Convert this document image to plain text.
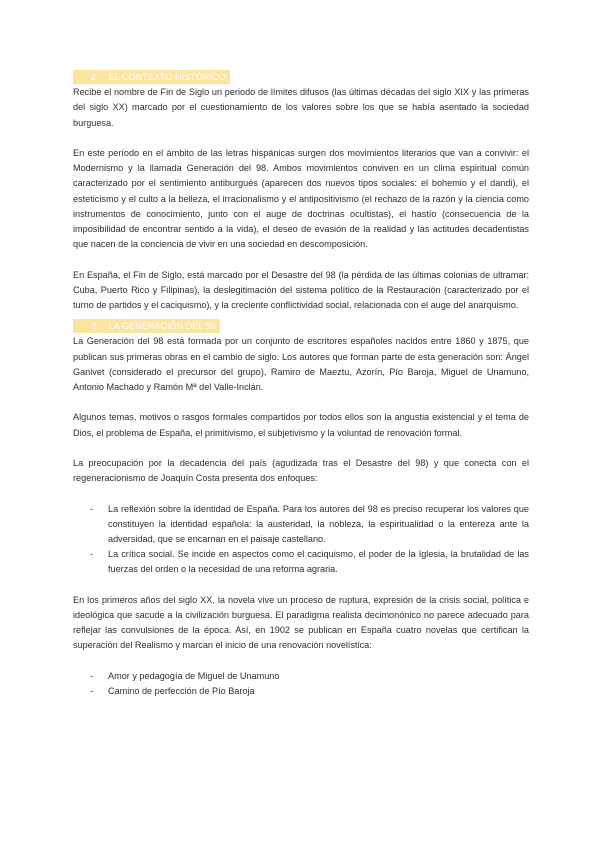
2. EL CONTEXTO HISTÓRICO

Recibe el nombre de Fin de Siglo un periodo de límites difusos (las últimas décadas del siglo XIX y las primeras del siglo XX) marcado por el cuestionamiento de los valores sobre los que se había asentado la sociedad burguesa.

En este período en el ámbito de las letras hispánicas surgen dos movimientos literarios que van a convivir: el Modernismo y la llamada Generación del 98. Ambos movimientos conviven en un clima espiritual común caracterizado por el sentimiento antiburgués (aparecen dos nuevos tipos sociales: el bohemio y el dandi), el esteticismo y el culto a la belleza, el irracionalismo y el antipositivismo (el rechazo de la razón y la ciencia como instrumentos de conocimiento, junto con el auge de doctrinas ocultistas), el hastío (consecuencia de la imposibilidad de encontrar sentido a la vida), el deseo de evasión de la realidad y las actitudes decadentistas que nacen de la conciencia de vivir en una sociedad en descomposición.

En España, el Fin de Siglo, está marcado por el Desastre del 98 (la pérdida de las últimas colonias de ultramar: Cuba, Puerto Rico y Filipinas), la deslegitimación del sistema político de la Restauración (caracterizado por el turno de partidos y el caciquismo), y la creciente conflictividad social, relacionada con el auge del anarquismo.

3. LA GENERACIÓN DEL 98

La Generación del 98 está formada por un conjunto de escritores españoles nacidos entre 1860 y 1875, que publican sus primeras obras en el cambio de siglo. Los autores que forman parte de esta generación son: Ángel Ganivet (considerado el precursor del grupo), Ramiro de Maeztu, Azorín, Pío Baroja, Miguel de Unamuno, Antonio Machado y Ramón Mª del Valle-Inclán.

Algunos temas, motivos o rasgos formales compartidos por todos ellos son la angustia existencial y el tema de Dios, el problema de España, el primitivismo, el subjetivismo y la voluntad de renovación formal.

La preocupación por la decadencia del país (agudizada tras el Desastre del 98) y que conecta con el regeneracionismo de Joaquín Costa presenta dos enfoques:

- La reflexión sobre la identidad de España. Para los autores del 98 es preciso recuperar los valores que constituyen la identidad española: la austeridad, la nobleza, la espiritualidad o la entereza ante la adversidad, que se encarnan en el paisaje castellano.
- La crítica social. Se incide en aspectos como el caciquismo, el poder de la Iglesia, la brutalidad de las fuerzas del orden o la necesidad de una reforma agraria.

En los primeros años del siglo XX, la novela vive un proceso de ruptura, expresión de la crisis social, política e ideológica que sacude a la civilización burguesa. El paradigma realista decimonónico no parece adecuado para reflejar las convulsiones de la época. Así, en 1902 se publican en España cuatro novelas que certifican la superación del Realismo y marcan el inicio de una renovación novelística:

- Amor y pedagogía de Miguel de Unamuno
- Camino de perfección de Pío Baroja
